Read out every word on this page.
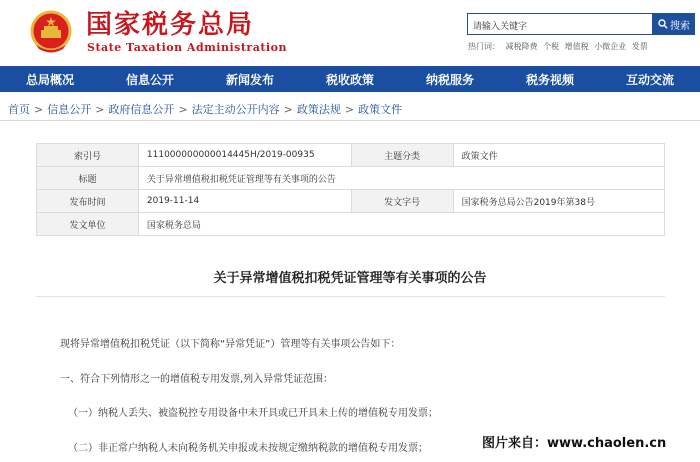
国家税务总局
State Taxation Administration
请输入关键字
搜索
热门词： 减税降费 个税 增值税 小微企业 发票
总局概况	信息公开	新闻发布	税收政策	纳税服务	税务视频	互动交流
首页 > 信息公开 > 政府信息公开 > 法定主动公开内容 > 政策法规 > 政策文件
索引号	111000000000014445H/2019-00935	主题分类	政策文件
标题	关于异常增值税扣税凭证管理等有关事项的公告		
发布时间	2019-11-14	发文字号	国家税务总局公告2019年第38号
发文单位	国家税务总局		
关于异常增值税扣税凭证管理等有关事项的公告
现将异常增值税扣税凭证（以下简称“异常凭证”）管理等有关事项公告如下：
一、符合下列情形之一的增值税专用发票,列入异常凭证范围：
（一）纳税人丢失、被盗税控专用设备中未开具或已开具未上传的增值税专用发票；
（二）非正常户纳税人未向税务机关申报或未按规定缴纳税款的增值税专用发票；	图片来自：www.chaolen.cn
